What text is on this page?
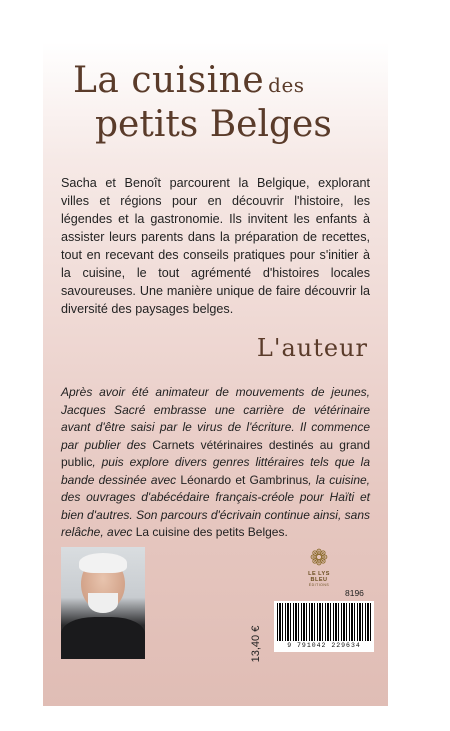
La cuisine des
petits Belges
Sacha et Benoît parcourent la Belgique, explorant villes et régions pour en découvrir l'histoire, les légendes et la gastronomie. Ils invitent les enfants à assister leurs parents dans la préparation de recettes, tout en recevant des conseils pratiques pour s'initier à la cuisine, le tout agrémenté d'histoires locales savoureuses. Une manière unique de faire découvrir la diversité des paysages belges.
L'auteur
Après avoir été animateur de mouvements de jeunes, Jacques Sacré embrasse une carrière de vétérinaire avant d'être saisi par le virus de l'écriture. Il commence par publier des Carnets vétérinaires destinés au grand public, puis explore divers genres littéraires tels que la bande dessinée avec Léonardo et Gambrinus, la cuisine, des ouvrages d'abécédaire français-créole pour Haïti et bien d'autres. Son parcours d'écrivain continue ainsi, sans relâche, avec La cuisine des petits Belges.
❁
LE LYS BLEU
ÉDITIONS
8196
13,40 €	9 791042 229634
